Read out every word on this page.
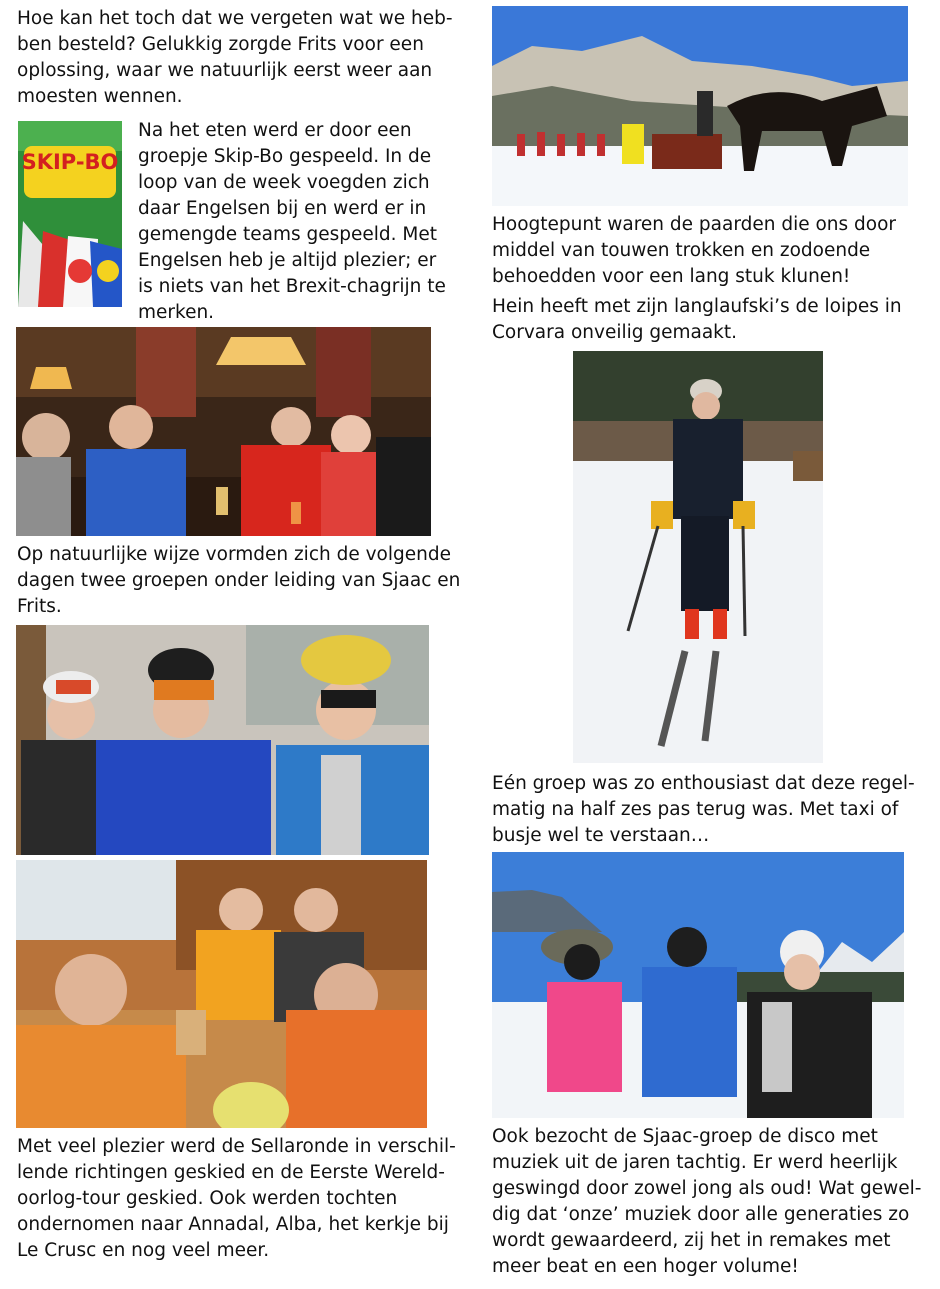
Hoe kan het toch dat we vergeten wat we heb-
ben besteld? Gelukkig zorgde Frits voor een
oplossing, waar we natuurlijk eerst weer aan
moesten wennen.

SKIP-BO

Na het eten werd er door een
groepje Skip-Bo gespeeld. In de
loop van de week voegden zich
daar Engelsen bij en werd er in
gemengde teams gespeeld. Met
Engelsen heb je altijd plezier; er
is niets van het Brexit-chagrijn te
merken.

Op natuurlijke wijze vormden zich de volgende
dagen twee groepen onder leiding van Sjaac en
Frits.

Met veel plezier werd de Sellaronde in verschil-
lende richtingen geskied en de Eerste Wereld-
oorlog-tour geskied. Ook werden tochten
ondernomen naar Annadal, Alba, het kerkje bij
Le Crusc en nog veel meer.

Hoogtepunt waren de paarden die ons door
middel van touwen trokken en zodoende
behoedden voor een lang stuk klunen!

Hein heeft met zijn langlaufski’s de loipes in
Corvara onveilig gemaakt.

Eén groep was zo enthousiast dat deze regel-
matig na half zes pas terug was. Met taxi of
busje wel te verstaan…

Ook bezocht de Sjaac-groep de disco met
muziek uit de jaren tachtig. Er werd heerlijk
geswingd door zowel jong als oud! Wat gewel-
dig dat ‘onze’ muziek door alle generaties zo
wordt gewaardeerd, zij het in remakes met
meer beat en een hoger volume!
